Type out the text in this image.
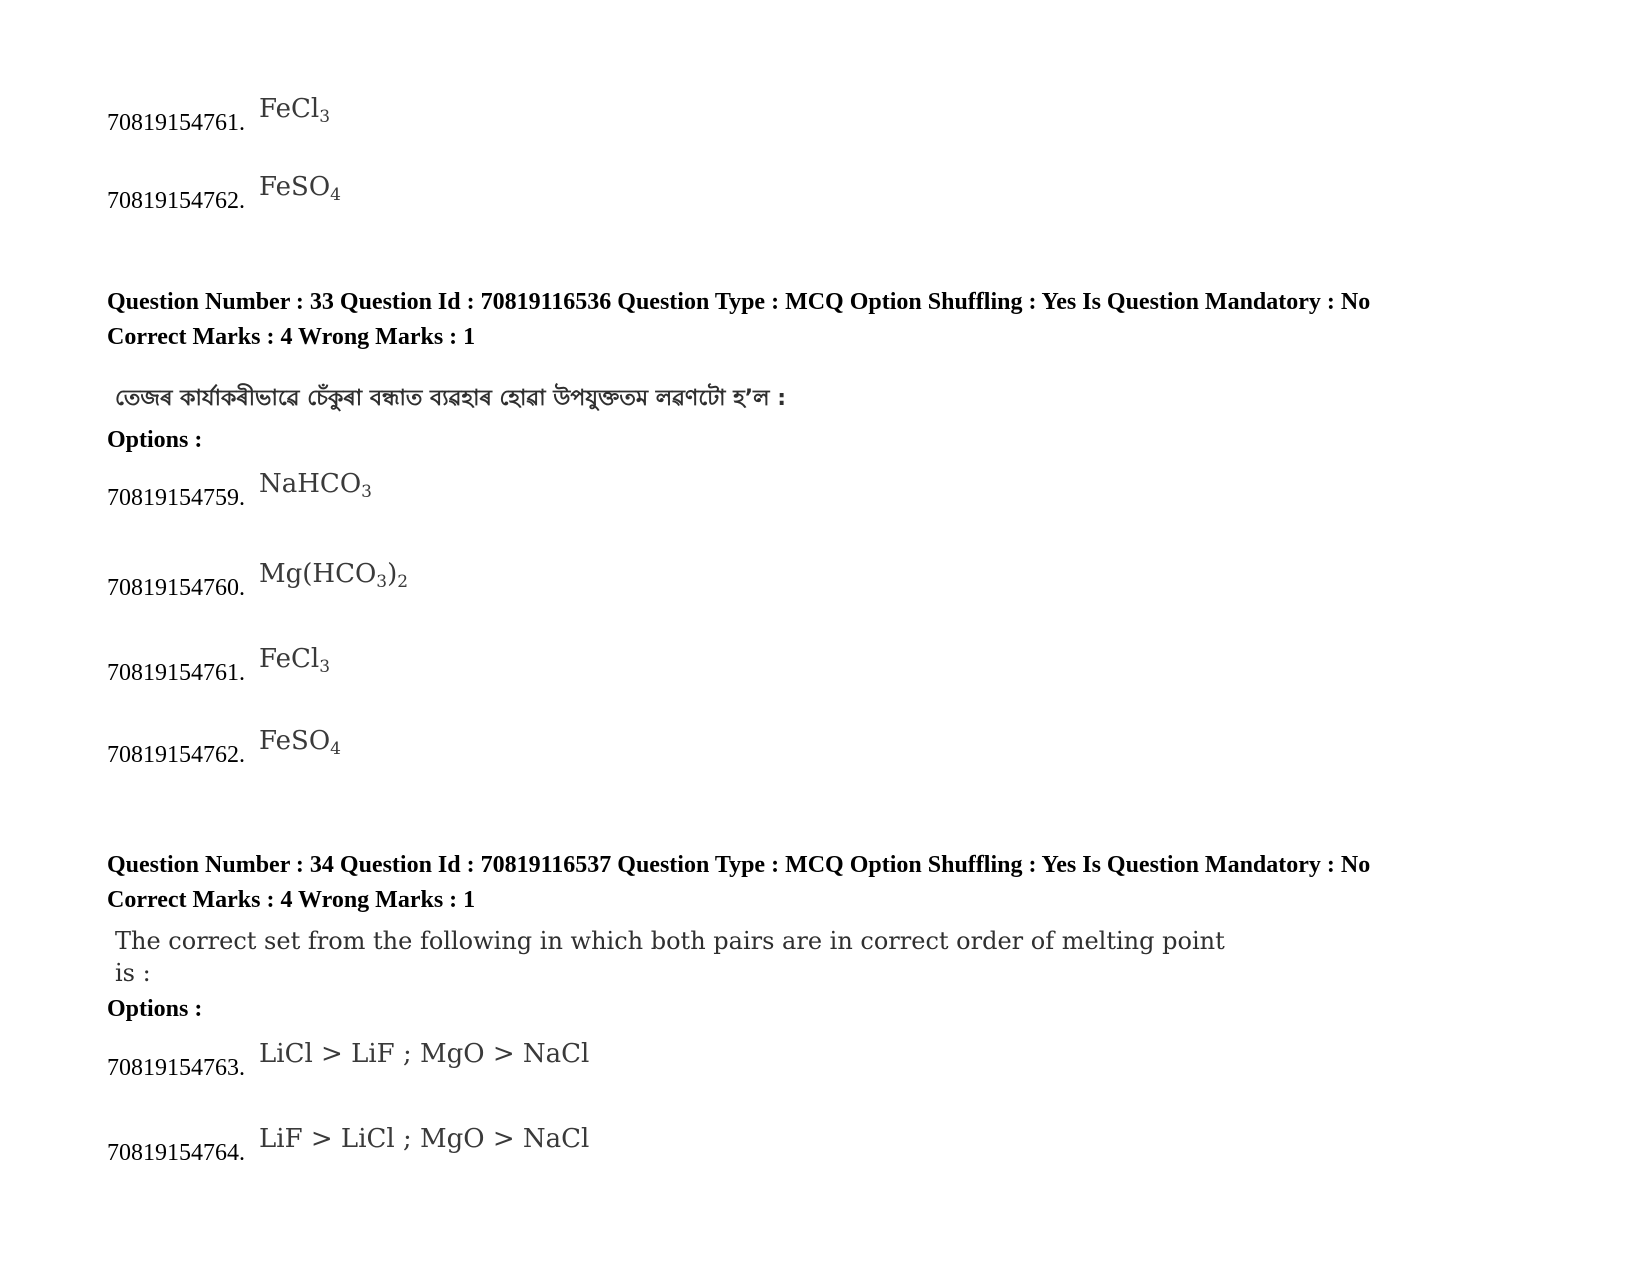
70819154761. FeCl$_3$
70819154762. FeSO$_4$
Question Number : 33 Question Id : 70819116536 Question Type : MCQ Option Shuffling : Yes Is Question Mandatory : No
Correct Marks : 4 Wrong Marks : 1
তেজৰ কাৰ্যাকৰীভাৱে চেঁকুৰা বন্ধাত ব্যৱহাৰ হোৱা উপযুক্ততম লৱণটো হ’ল :
Options :
70819154759. NaHCO$_3$
70819154760. $Mg(HCO_3)_2$
70819154761. FeCl$_3$
70819154762. FeSO$_4$
Question Number : 34 Question Id : 70819116537 Question Type : MCQ Option Shuffling : Yes Is Question Mandatory : No
Correct Marks : 4 Wrong Marks : 1
The correct set from the following in which both pairs are in correct order of melting point
is :
Options :
70819154763. LiCl > LiF ; MgO > NaCl
70819154764. LiF > LiCl ; MgO > NaCl
